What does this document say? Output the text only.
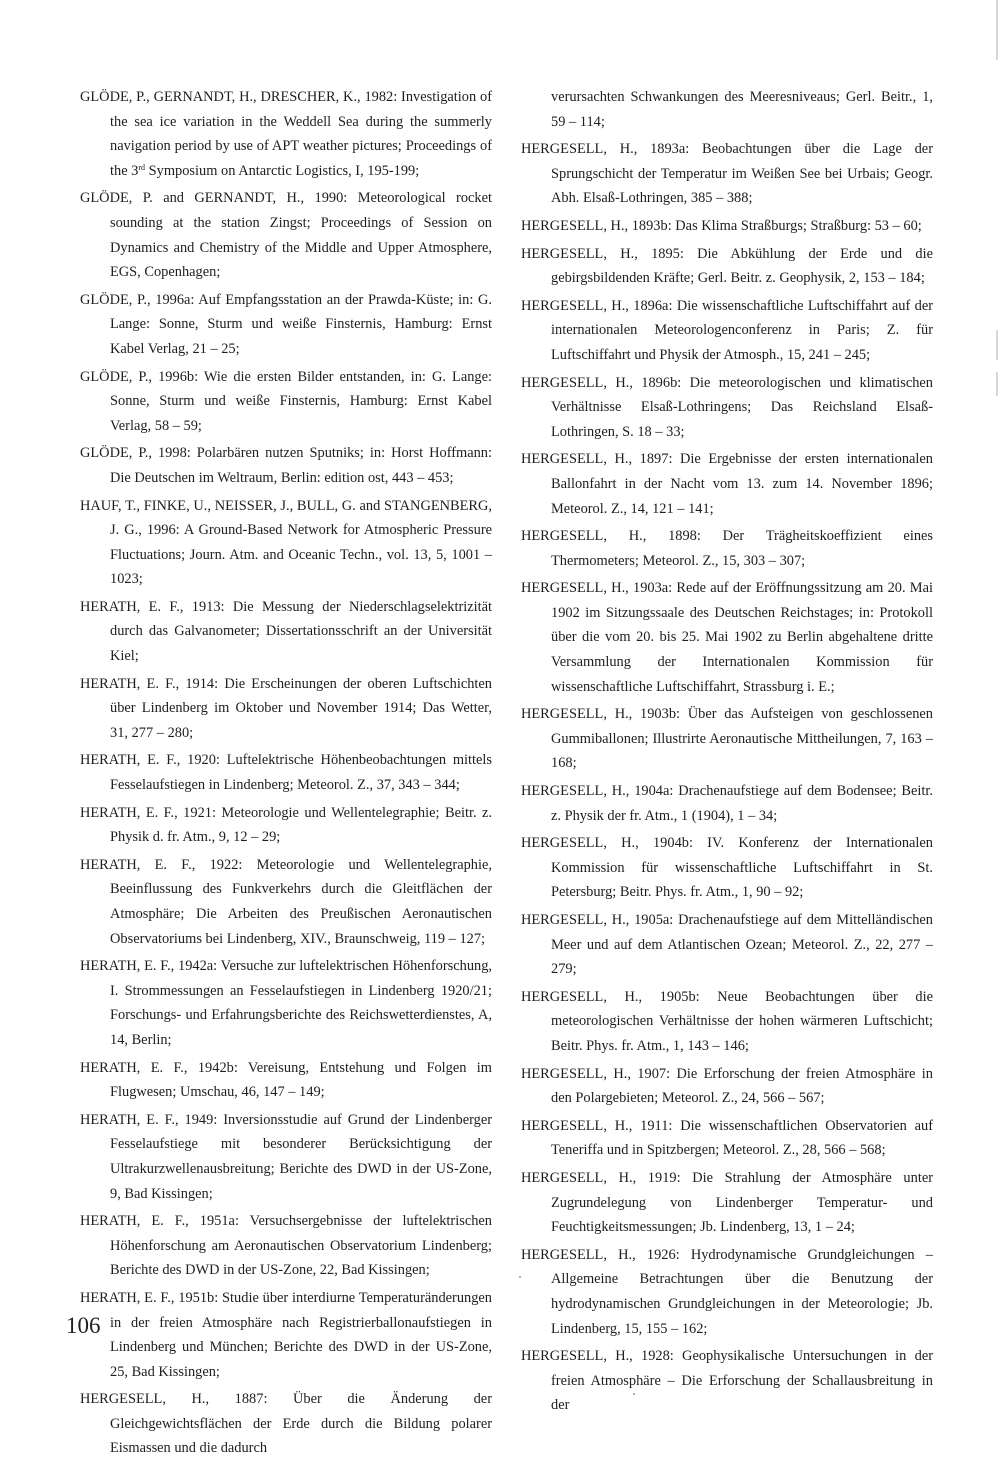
GLÖDE, P., GERNANDT, H., DRESCHER, K., 1982: Investigation of the sea ice variation in the Weddell Sea during the summerly navigation period by use of APT weather pictures; Proceedings of the 3rd Symposium on Antarctic Logistics, I, 195-199;

GLÖDE, P. and GERNANDT, H., 1990: Meteorological rocket sounding at the station Zingst; Proceedings of Session on Dynamics and Chemistry of the Middle and Upper Atmosphere, EGS, Copenhagen;

GLÖDE, P., 1996a: Auf Empfangsstation an der Prawda-Küste; in: G. Lange: Sonne, Sturm und weiße Finsternis, Hamburg: Ernst Kabel Verlag, 21 – 25;

GLÖDE, P., 1996b: Wie die ersten Bilder entstanden, in: G. Lange: Sonne, Sturm und weiße Finsternis, Hamburg: Ernst Kabel Verlag, 58 – 59;

GLÖDE, P., 1998: Polarbären nutzen Sputniks; in: Horst Hoffmann: Die Deutschen im Weltraum, Berlin: edition ost, 443 – 453;

HAUF, T., FINKE, U., NEISSER, J., BULL, G. and STANGENBERG, J. G., 1996: A Ground-Based Network for Atmospheric Pressure Fluctuations; Journ. Atm. and Oceanic Techn., vol. 13, 5, 1001 – 1023;

HERATH, E. F., 1913: Die Messung der Niederschlagselektrizität durch das Galvanometer; Dissertationsschrift an der Universität Kiel;

HERATH, E. F., 1914: Die Erscheinungen der oberen Luftschichten über Lindenberg im Oktober und November 1914; Das Wetter, 31, 277 – 280;

HERATH, E. F., 1920: Luftelektrische Höhenbeobachtungen mittels Fesselaufstiegen in Lindenberg; Meteorol. Z., 37, 343 – 344;

HERATH, E. F., 1921: Meteorologie und Wellentelegraphie; Beitr. z. Physik d. fr. Atm., 9, 12 – 29;

HERATH, E. F., 1922: Meteorologie und Wellentelegraphie, Beeinflussung des Funkverkehrs durch die Gleitflächen der Atmosphäre; Die Arbeiten des Preußischen Aeronautischen Observatoriums bei Lindenberg, XIV., Braunschweig, 119 – 127;

HERATH, E. F., 1942a: Versuche zur luftelektrischen Höhenforschung, I. Strommessungen an Fesselaufstiegen in Lindenberg 1920/21; Forschungs- und Erfahrungsberichte des Reichswetterdienstes, A, 14, Berlin;

HERATH, E. F., 1942b: Vereisung, Entstehung und Folgen im Flugwesen; Umschau, 46, 147 – 149;

HERATH, E. F., 1949: Inversionsstudie auf Grund der Lindenberger Fesselaufstiege mit besonderer Berücksichtigung der Ultrakurzwellenausbreitung; Berichte des DWD in der US-Zone, 9, Bad Kissingen;

HERATH, E. F., 1951a: Versuchsergebnisse der luftelektrischen Höhenforschung am Aeronautischen Observatorium Lindenberg; Berichte des DWD in der US-Zone, 22, Bad Kissingen;

HERATH, E. F., 1951b: Studie über interdiurne Temperaturänderungen in der freien Atmosphäre nach Registrierballonaufstiegen in Lindenberg und München; Berichte des DWD in der US-Zone, 25, Bad Kissingen;

HERGESELL, H., 1887: Über die Änderung der Gleichgewichtsflächen der Erde durch die Bildung polarer Eismassen und die dadurch

verursachten Schwankungen des Meeresniveaus; Gerl. Beitr., 1, 59 – 114;

HERGESELL, H., 1893a: Beobachtungen über die Lage der Sprungschicht der Temperatur im Weißen See bei Urbais; Geogr. Abh. Elsaß-Lothringen, 385 – 388;

HERGESELL, H., 1893b: Das Klima Straßburgs; Straßburg: 53 – 60;

HERGESELL, H., 1895: Die Abkühlung der Erde und die gebirgsbildenden Kräfte; Gerl. Beitr. z. Geophysik, 2, 153 – 184;

HERGESELL, H., 1896a: Die wissenschaftliche Luftschiffahrt auf der internationalen Meteorologenconferenz in Paris; Z. für Luftschiffahrt und Physik der Atmosph., 15, 241 – 245;

HERGESELL, H., 1896b: Die meteorologischen und klimatischen Verhältnisse Elsaß-Lothringens; Das Reichsland Elsaß-Lothringen, S. 18 – 33;

HERGESELL, H., 1897: Die Ergebnisse der ersten internationalen Ballonfahrt in der Nacht vom 13. zum 14. November 1896; Meteorol. Z., 14, 121 – 141;

HERGESELL, H., 1898: Der Trägheitskoeffizient eines Thermometers; Meteorol. Z., 15, 303 – 307;

HERGESELL, H., 1903a: Rede auf der Eröffnungssitzung am 20. Mai 1902 im Sitzungssaale des Deutschen Reichstages; in: Protokoll über die vom 20. bis 25. Mai 1902 zu Berlin abgehaltene dritte Versammlung der Internationalen Kommission für wissenschaftliche Luftschiffahrt, Strassburg i. E.;

HERGESELL, H., 1903b: Über das Aufsteigen von geschlossenen Gummiballonen; Illustrirte Aeronautische Mittheilungen, 7, 163 – 168;

HERGESELL, H., 1904a: Drachenaufstiege auf dem Bodensee; Beitr. z. Physik der fr. Atm., 1 (1904), 1 – 34;

HERGESELL, H., 1904b: IV. Konferenz der Internationalen Kommission für wissenschaftliche Luftschiffahrt in St. Petersburg; Beitr. Phys. fr. Atm., 1, 90 – 92;

HERGESELL, H., 1905a: Drachenaufstiege auf dem Mittelländischen Meer und auf dem Atlantischen Ozean; Meteorol. Z., 22, 277 – 279;

HERGESELL, H., 1905b: Neue Beobachtungen über die meteorologischen Verhältnisse der hohen wärmeren Luftschicht; Beitr. Phys. fr. Atm., 1, 143 – 146;

HERGESELL, H., 1907: Die Erforschung der freien Atmosphäre in den Polargebieten; Meteorol. Z., 24, 566 – 567;

HERGESELL, H., 1911: Die wissenschaftlichen Observatorien auf Teneriffa und in Spitzbergen; Meteorol. Z., 28, 566 – 568;

HERGESELL, H., 1919: Die Strahlung der Atmosphäre unter Zugrundelegung von Lindenberger Temperatur- und Feuchtigkeitsmessungen; Jb. Lindenberg, 13, 1 – 24;

HERGESELL, H., 1926: Hydrodynamische Grundgleichungen – Allgemeine Betrachtungen über die Benutzung der hydrodynamischen Grundgleichungen in der Meteorologie; Jb. Lindenberg, 15, 155 – 162;

HERGESELL, H., 1928: Geophysikalische Untersuchungen in der freien Atmosphäre – Die Erforschung der Schallausbreitung in der

106
